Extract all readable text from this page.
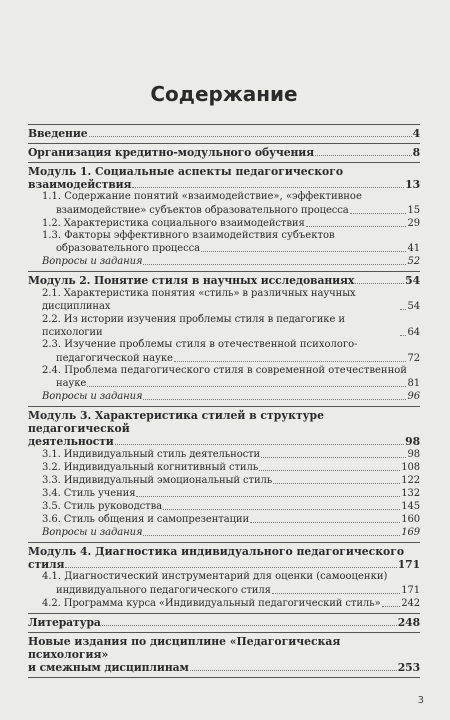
Содержание
Введение	4
Организация кредитно-модульного обучения	8
Модуль 1. Социальные аспекты педагогического
взаимодействия	13
1.1. Содержание понятий «взаимодействие», «эффективное
взаимодействие» субъектов образовательного процесса	15
1.2. Характеристика социального взаимодействия	29
1.3. Факторы эффективного взаимодействия субъектов
образовательного процесса	41
Вопросы и задания	52
Модуль 2. Понятие стиля в научных исследованиях	54
2.1. Характеристика понятия «стиль» в различных научных дисциплинах	54
2.2. Из истории изучения проблемы стиля в педагогике и психологии	64
2.3. Изучение проблемы стиля в отечественной психолого-
педагогической науке	72
2.4. Проблема педагогического стиля в современной отечественной
науке	81
Вопросы и задания	96
Модуль 3. Характеристика стилей в структуре педагогической
деятельности	98
3.1. Индивидуальный стиль деятельности	98
3.2. Индивидуальный когнитивный стиль	108
3.3. Индивидуальный эмоциональный стиль	122
3.4. Стиль учения	132
3.5. Стиль руководства	145
3.6. Стиль общения и самопрезентации	160
Вопросы и задания	169
Модуль 4. Диагностика индивидуального педагогического
стиля	171
4.1. Диагностический инструментарий для оценки (самооценки)
индивидуального педагогического стиля	171
4.2. Программа курса «Индивидуальный педагогический стиль» 242
Литература	248
Новые издания по дисциплине «Педагогическая психология»
и смежным дисциплинам	253
3
